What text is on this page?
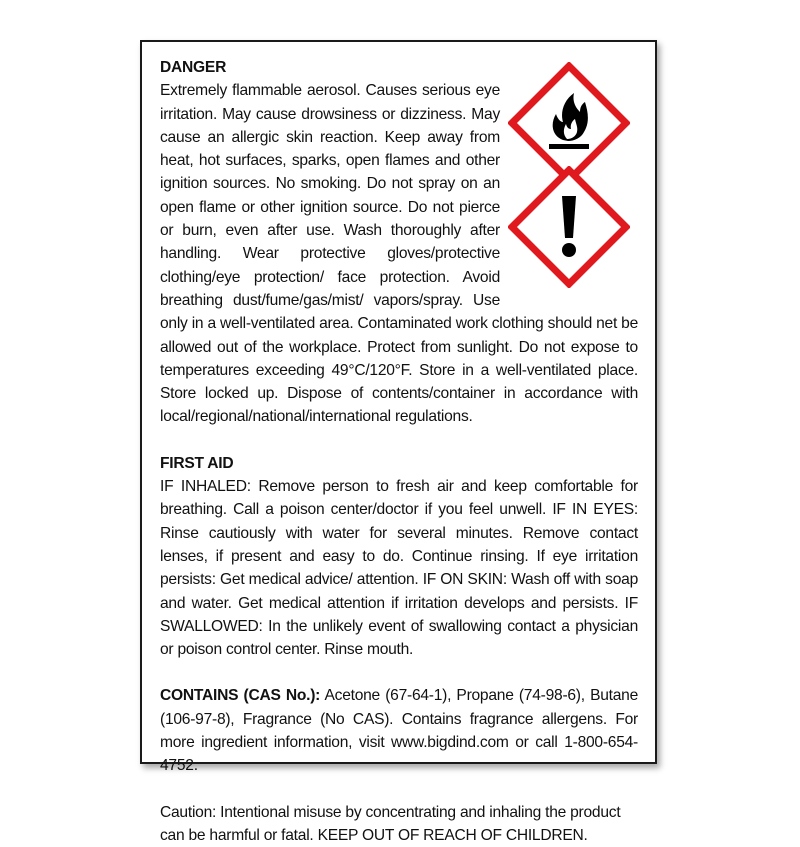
DANGER

Extremely flammable aerosol. Causes serious eye irritation. May cause drowsiness or dizziness. May cause an allergic skin reaction. Keep away from heat, hot surfaces, sparks, open flames and other ignition sources. No smoking. Do not spray on an open flame or other ignition source. Do not pierce or burn, even after use. Wash thoroughly after handling. Wear protective gloves/protective clothing/eye protection/ face protection. Avoid breathing dust/fume/gas/mist/ vapors/spray. Use only in a well-ventilated area. Contaminated work clothing should net be allowed out of the workplace. Protect from sunlight. Do not expose to temperatures exceeding 49°C/120°F. Store in a well-ventilated place. Store locked up. Dispose of contents/container in accordance with local/regional/national/international regulations.

FIRST AID

IF INHALED: Remove person to fresh air and keep comfortable for breathing. Call a poison center/doctor if you feel unwell. IF IN EYES: Rinse cautiously with water for several minutes. Remove contact lenses, if present and easy to do. Continue rinsing. If eye irritation persists: Get medical advice/ attention. IF ON SKIN: Wash off with soap and water. Get medical attention if irritation develops and persists. IF SWALLOWED: In the unlikely event of swallowing contact a physician or poison control center. Rinse mouth.

CONTAINS (CAS No.): Acetone (67-64-1), Propane (74-98-6), Butane (106-97-8), Fragrance (No CAS). Contains fragrance allergens. For more ingredient information, visit www.bigdind.com or call 1-800-654-4752.

Caution: Intentional misuse by concentrating and inhaling the product can be harmful or fatal. KEEP OUT OF REACH OF CHILDREN.
